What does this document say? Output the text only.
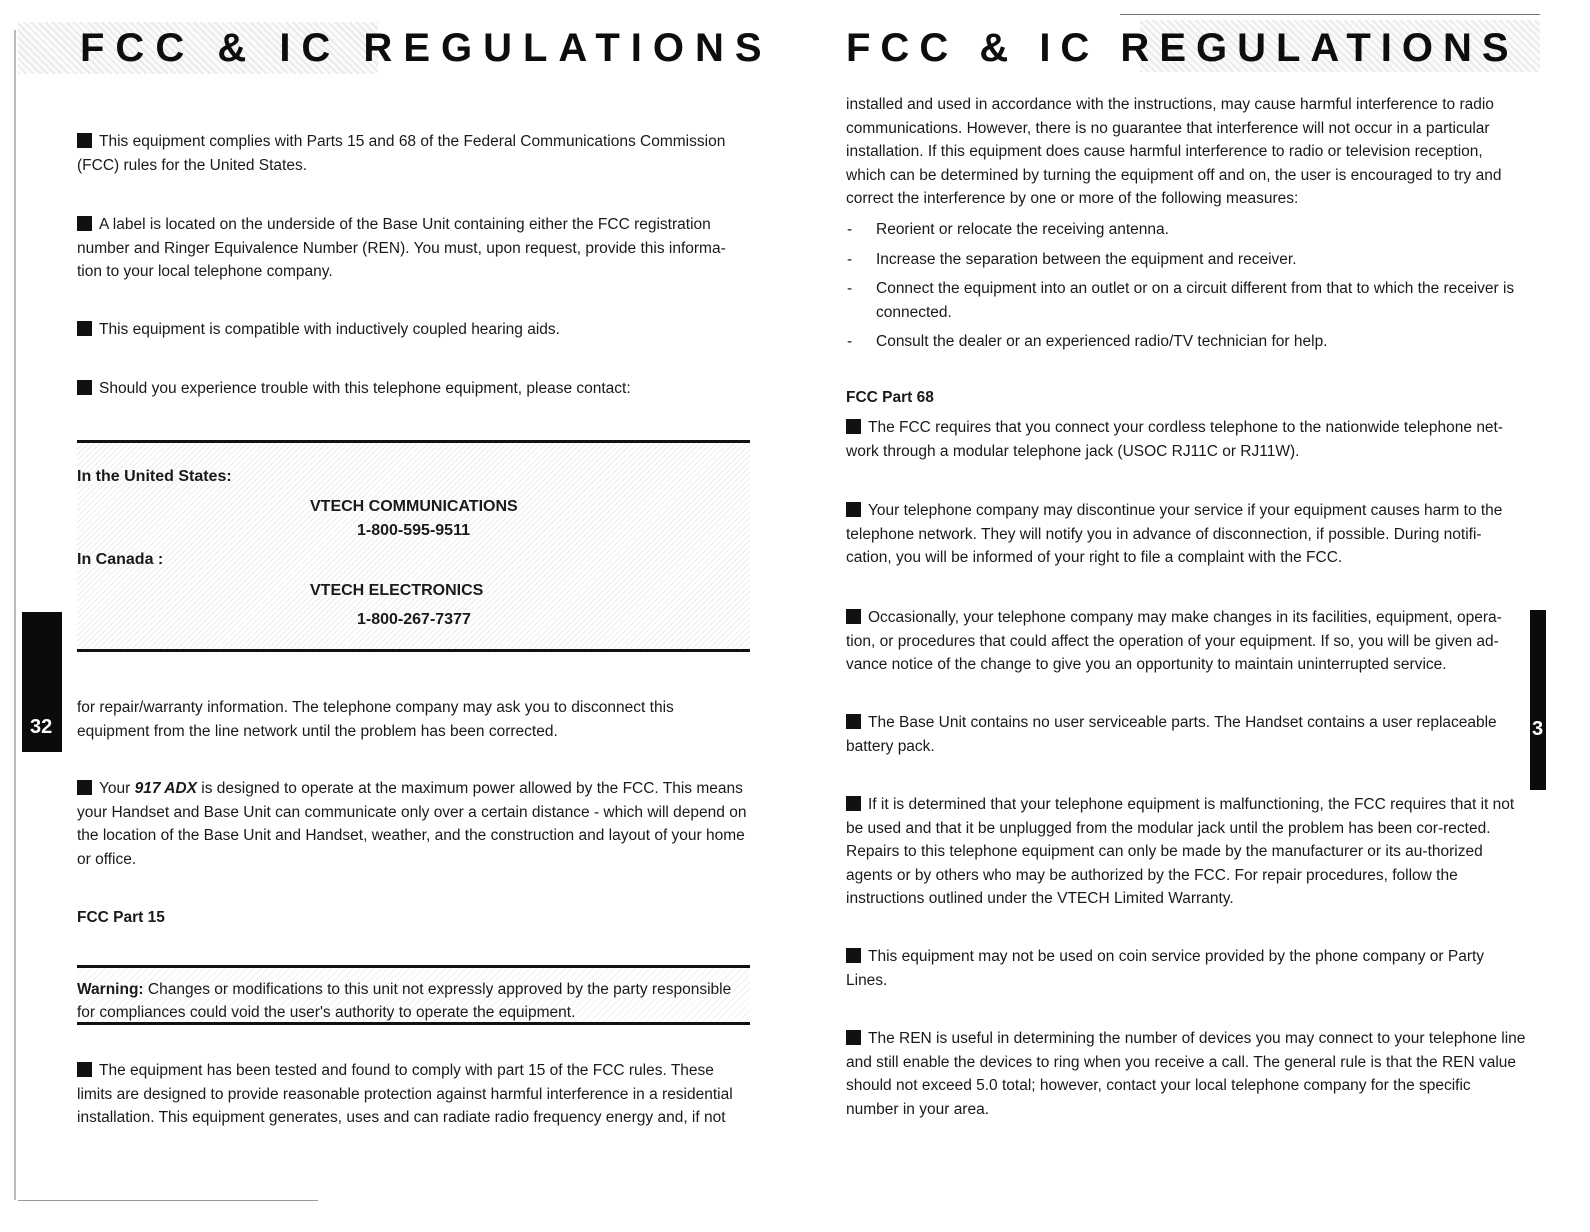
FCC & IC REGULATIONS

This equipment complies with Parts 15 and 68 of the Federal Communications Commission (FCC) rules for the United States.

A label is located on the underside of the Base Unit containing either the FCC registration number and Ringer Equivalence Number (REN). You must, upon request, provide this informa-tion to your local telephone company.

This equipment is compatible with inductively coupled hearing aids.

Should you experience trouble with this telephone equipment, please contact:

In the United States:
VTECH COMMUNICATIONS
1-800-595-9511
In Canada :
VTECH ELECTRONICS
1-800-267-7377
32

for repair/warranty information. The telephone company may ask you to disconnect this equipment from the line network until the problem has been corrected.

Your 917 ADX is designed to operate at the maximum power allowed by the FCC. This means your Handset and Base Unit can communicate only over a certain distance - which will depend on the location of the Base Unit and Handset, weather, and the construction and layout of your home or office.

FCC Part 15

Warning: Changes or modifications to this unit not expressly approved by the party responsible for compliances could void the user's authority to operate the equipment.

The equipment has been tested and found to comply with part 15 of the FCC rules. These limits are designed to provide reasonable protection against harmful interference in a residential installation. This equipment generates, uses and can radiate radio frequency energy and, if not

FCC & IC REGULATIONS

installed and used in accordance with the instructions, may cause harmful interference to radio communications. However, there is no guarantee that interference will not occur in a particular installation. If this equipment does cause harmful interference to radio or television reception, which can be determined by turning the equipment off and on, the user is encouraged to try and correct the interference by one or more of the following measures:

- Reorient or relocate the receiving antenna.
- Increase the separation between the equipment and receiver.
- Connect the equipment into an outlet or on a circuit different from that to which the receiver is connected.
- Consult the dealer or an experienced radio/TV technician for help.
FCC Part 68

The FCC requires that you connect your cordless telephone to the nationwide telephone net-work through a modular telephone jack (USOC RJ11C or RJ11W).

Your telephone company may discontinue your service if your equipment causes harm to the telephone network. They will notify you in advance of disconnection, if possible. During notifi-cation, you will be informed of your right to file a complaint with the FCC.

Occasionally, your telephone company may make changes in its facilities, equipment, opera-tion, or procedures that could affect the operation of your equipment. If so, you will be given ad-vance notice of the change to give you an opportunity to maintain uninterrupted service.

The Base Unit contains no user serviceable parts. The Handset contains a user replaceable battery pack.

If it is determined that your telephone equipment is malfunctioning, the FCC requires that it not be used and that it be unplugged from the modular jack until the problem has been cor-rected. Repairs to this telephone equipment can only be made by the manufacturer or its au-thorized agents or by others who may be authorized by the FCC. For repair procedures, follow the instructions outlined under the VTECH Limited Warranty.

This equipment may not be used on coin service provided by the phone company or Party Lines.

The REN is useful in determining the number of devices you may connect to your telephone line and still enable the devices to ring when you receive a call. The general rule is that the REN value should not exceed 5.0 total; however, contact your local telephone company for the specific number in your area.

3
